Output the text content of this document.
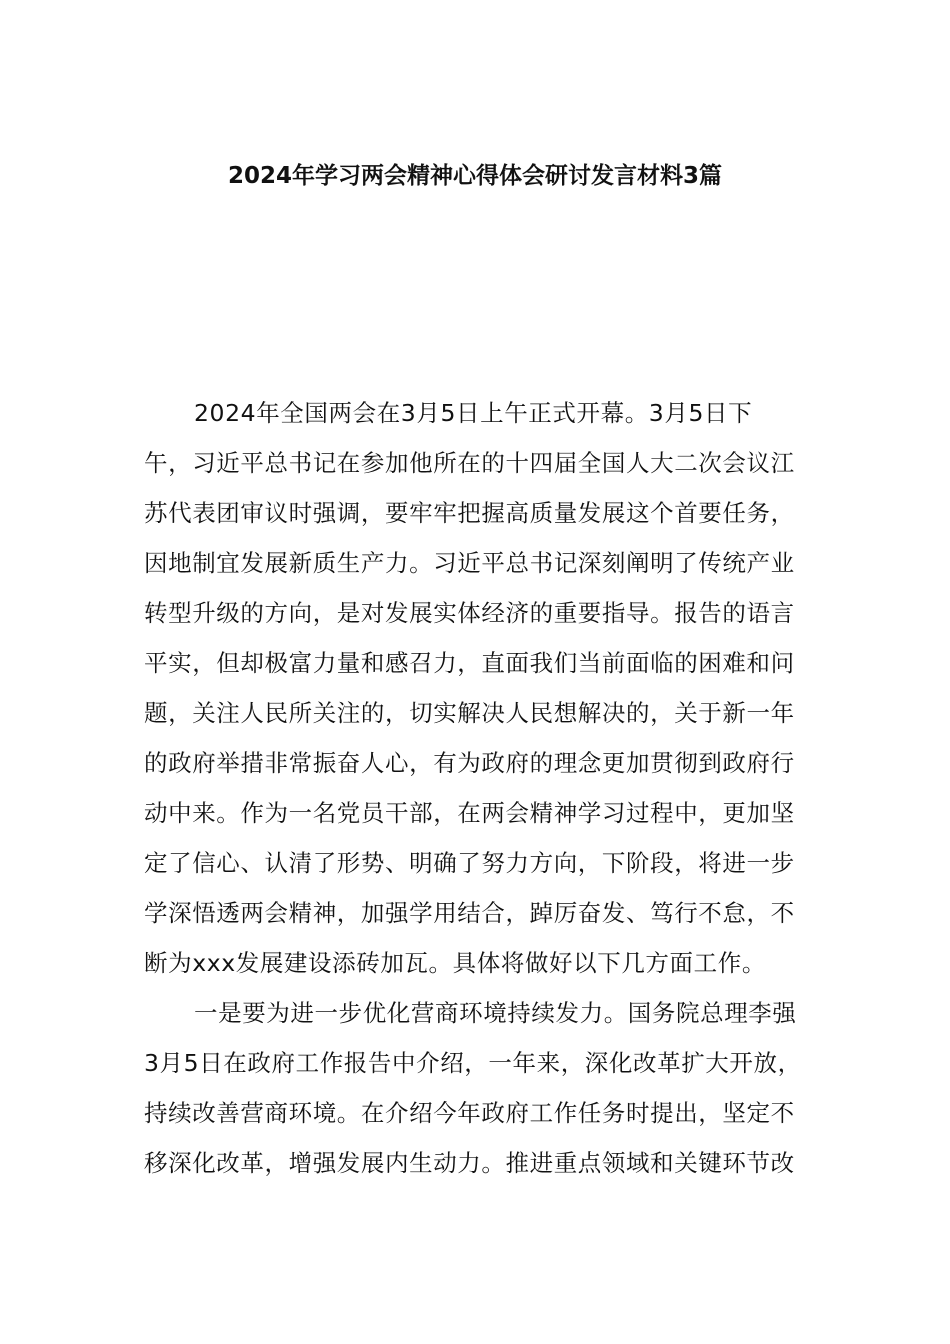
2024年学习两会精神心得体会研讨发言材料3篇
2024年全国两会在3月5日上午正式开幕。3月5日下
午，习近平总书记在参加他所在的十四届全国人大二次会议江
苏代表团审议时强调，要牢牢把握高质量发展这个首要任务，
因地制宜发展新质生产力。习近平总书记深刻阐明了传统产业
转型升级的方向，是对发展实体经济的重要指导。报告的语言
平实，但却极富力量和感召力，直面我们当前面临的困难和问
题，关注人民所关注的，切实解决人民想解决的，关于新一年
的政府举措非常振奋人心，有为政府的理念更加贯彻到政府行
动中来。作为一名党员干部，在两会精神学习过程中，更加坚
定了信心、认清了形势、明确了努力方向，下阶段，将进一步
学深悟透两会精神，加强学用结合，踔厉奋发、笃行不怠，不
断为xxx发展建设添砖加瓦。具体将做好以下几方面工作。
一是要为进一步优化营商环境持续发力。国务院总理李强
3月5日在政府工作报告中介绍，一年来，深化改革扩大开放，
持续改善营商环境。在介绍今年政府工作任务时提出，坚定不
移深化改革，增强发展内生动力。推进重点领域和关键环节改
